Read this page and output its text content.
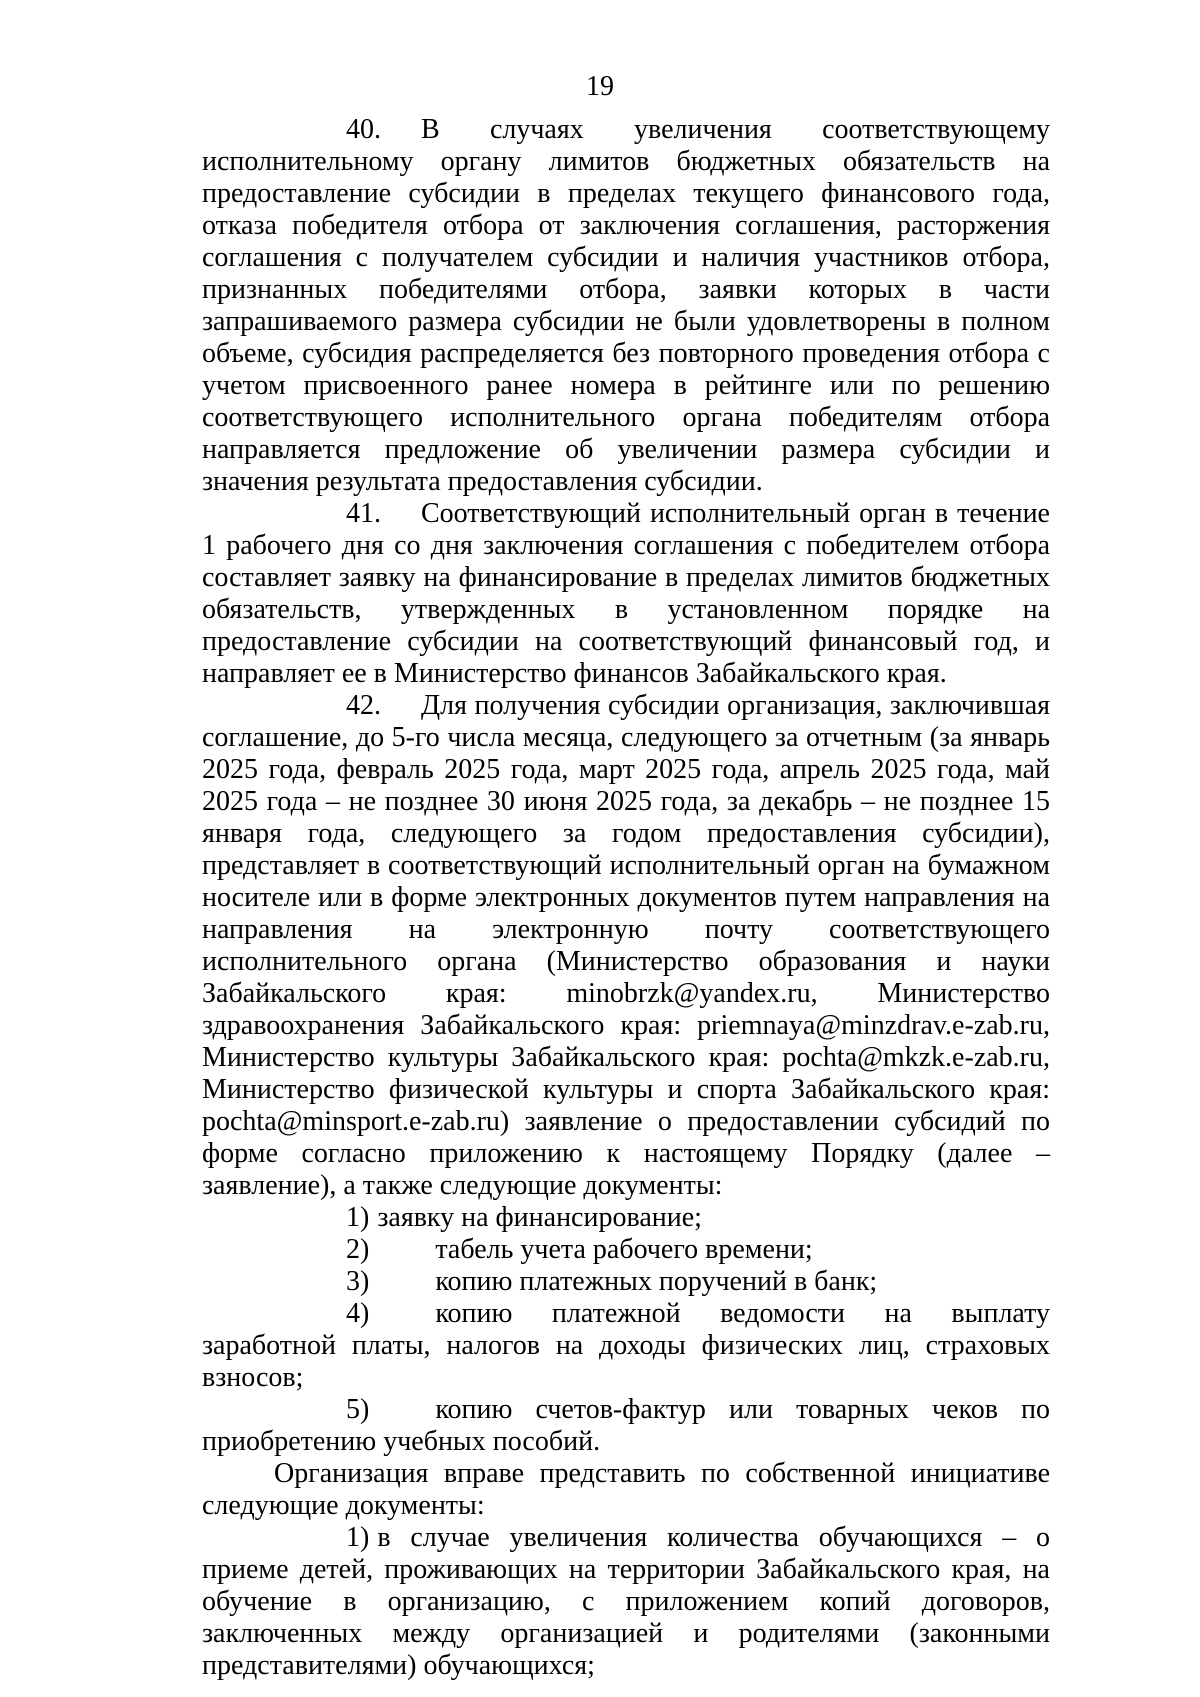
19

40. В случаях увеличения соответствующему исполнительному органу лимитов бюджетных обязательств на предоставление субсидии в пределах текущего финансового года, отказа победителя отбора от заключения соглашения, расторжения соглашения с получателем субсидии и наличия участников отбора, признанных победителями отбора, заявки которых в части запрашиваемого размера субсидии не были удовлетворены в полном объеме, субсидия распределяется без повторного проведения отбора с учетом присвоенного ранее номера в рейтинге или по решению соответствующего исполнительного органа победителям отбора направляется предложение об увеличении размера субсидии и значения результата предоставления субсидии.

41. Соответствующий исполнительный орган в течение 1 рабочего дня со дня заключения соглашения с победителем отбора составляет заявку на финансирование в пределах лимитов бюджетных обязательств, утвержденных в установленном порядке на предоставление субсидии на соответствующий финансовый год, и направляет ее в Министерство финансов Забайкальского края.

42. Для получения субсидии организация, заключившая соглашение, до 5-го числа месяца, следующего за отчетным (за январь 2025 года, февраль 2025 года, март 2025 года, апрель 2025 года, май 2025 года – не позднее 30 июня 2025 года, за декабрь – не позднее 15 января года, следующего за годом предоставления субсидии), представляет в соответствующий исполнительный орган на бумажном носителе или в форме электронных документов путем направления на направления на электронную почту соответствующего исполнительного органа (Министерство образования и науки Забайкальского края: minobrzk@yandex.ru, Министерство здравоохранения Забайкальского края: priemnaya@minzdrav.e-zab.ru, Министерство культуры Забайкальского края: pochta@mkzk.e-zab.ru, Министерство физической культуры и спорта Забайкальского края: pochta@minsport.e-zab.ru) заявление о предоставлении субсидий по форме согласно приложению к настоящему Порядку (далее – заявление), а также следующие документы:

1) заявку на финансирование;

2) табель учета рабочего времени;

3) копию платежных поручений в банк;

4) копию платежной ведомости на выплату заработной платы, налогов на доходы физических лиц, страховых взносов;

5) копию счетов-фактур или товарных чеков по приобретению учебных пособий.

Организация вправе представить по собственной инициативе следующие документы:

1) в случае увеличения количества обучающихся – о приеме детей, проживающих на территории Забайкальского края, на обучение в организацию, с приложением копий договоров, заключенных между организацией и родителями (законными представителями) обучающихся;
